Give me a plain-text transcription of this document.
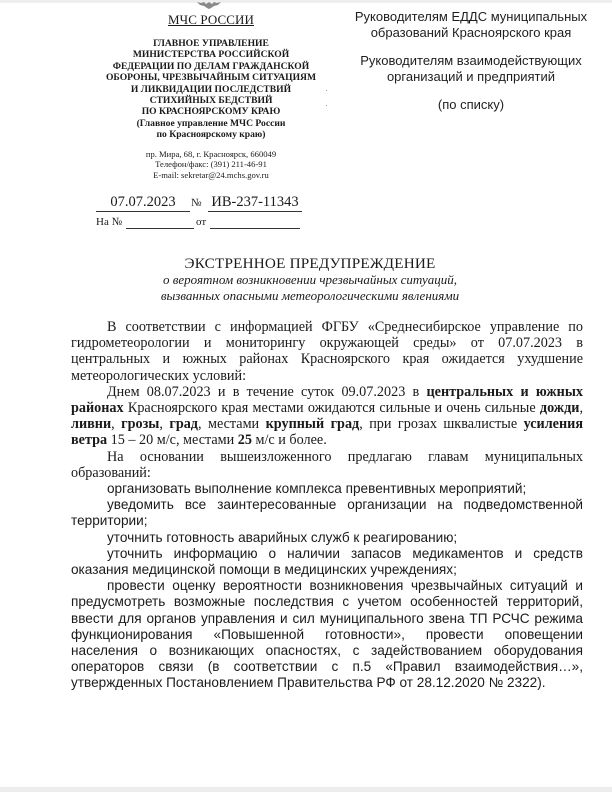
МЧС РОССИИ
ГЛАВНОЕ УПРАВЛЕНИЕ
МИНИСТЕРСТВА РОССИЙСКОЙ
ФЕДЕРАЦИИ ПО ДЕЛАМ ГРАЖДАНСКОЙ
ОБОРОНЫ, ЧРЕЗВЫЧАЙНЫМ СИТУАЦИЯМ
И ЛИКВИДАЦИИ ПОСЛЕДСТВИЙ
СТИХИЙНЫХ БЕДСТВИЙ
ПО КРАСНОЯРСКОМУ КРАЮ
(Главное управление МЧС России
по Красноярскому краю)
пр. Мира, 68, г. Красноярск, 660049
Телефон/факс: (391) 211-46-91
E-mail: sekretar@24.mchs.gov.ru
07.07.2023	№ ИВ-237-11343
На №	от
Руководителям ЕДДС муниципальных
образований Красноярского края
Руководителям взаимодействующих
организаций и предприятий
(по списку)
ЭКСТРЕННОЕ ПРЕДУПРЕЖДЕНИЕ
о вероятном возникновении чрезвычайных ситуаций,
вызванных опасными метеорологическими явлениями

В соответствии с информацией ФГБУ «Среднесибирское управление по гидрометеорологии и мониторингу окружающей среды» от 07.07.2023 в центральных и южных районах Красноярского края ожидается ухудшение метеорологических условий:

Днем 08.07.2023 и в течение суток 09.07.2023 в центральных и южных районах Красноярского края местами ожидаются сильные и очень сильные дожди, ливни, грозы, град, местами крупный град, при грозах шквалистые усиления ветра 15 – 20 м/с, местами 25 м/с и более.

На основании вышеизложенного предлагаю главам муниципальных образований:

организовать выполнение комплекса превентивных мероприятий;

уведомить все заинтересованные организации на подведомственной территории;

уточнить готовность аварийных служб к реагированию;

уточнить информацию о наличии запасов медикаментов и средств оказания медицинской помощи в медицинских учреждениях;

провести оценку вероятности возникновения чрезвычайных ситуаций и предусмотреть возможные последствия с учетом особенностей территорий, ввести для органов управления и сил муниципального звена ТП РСЧС режима функционирования «Повышенной готовности», провести оповещении населения о возникающих опасностях, с задействованием оборудования операторов связи (в соответствии с п.5 «Правил взаимодействия…», утвержденных Постановлением Правительства РФ от 28.12.2020 № 2322).
